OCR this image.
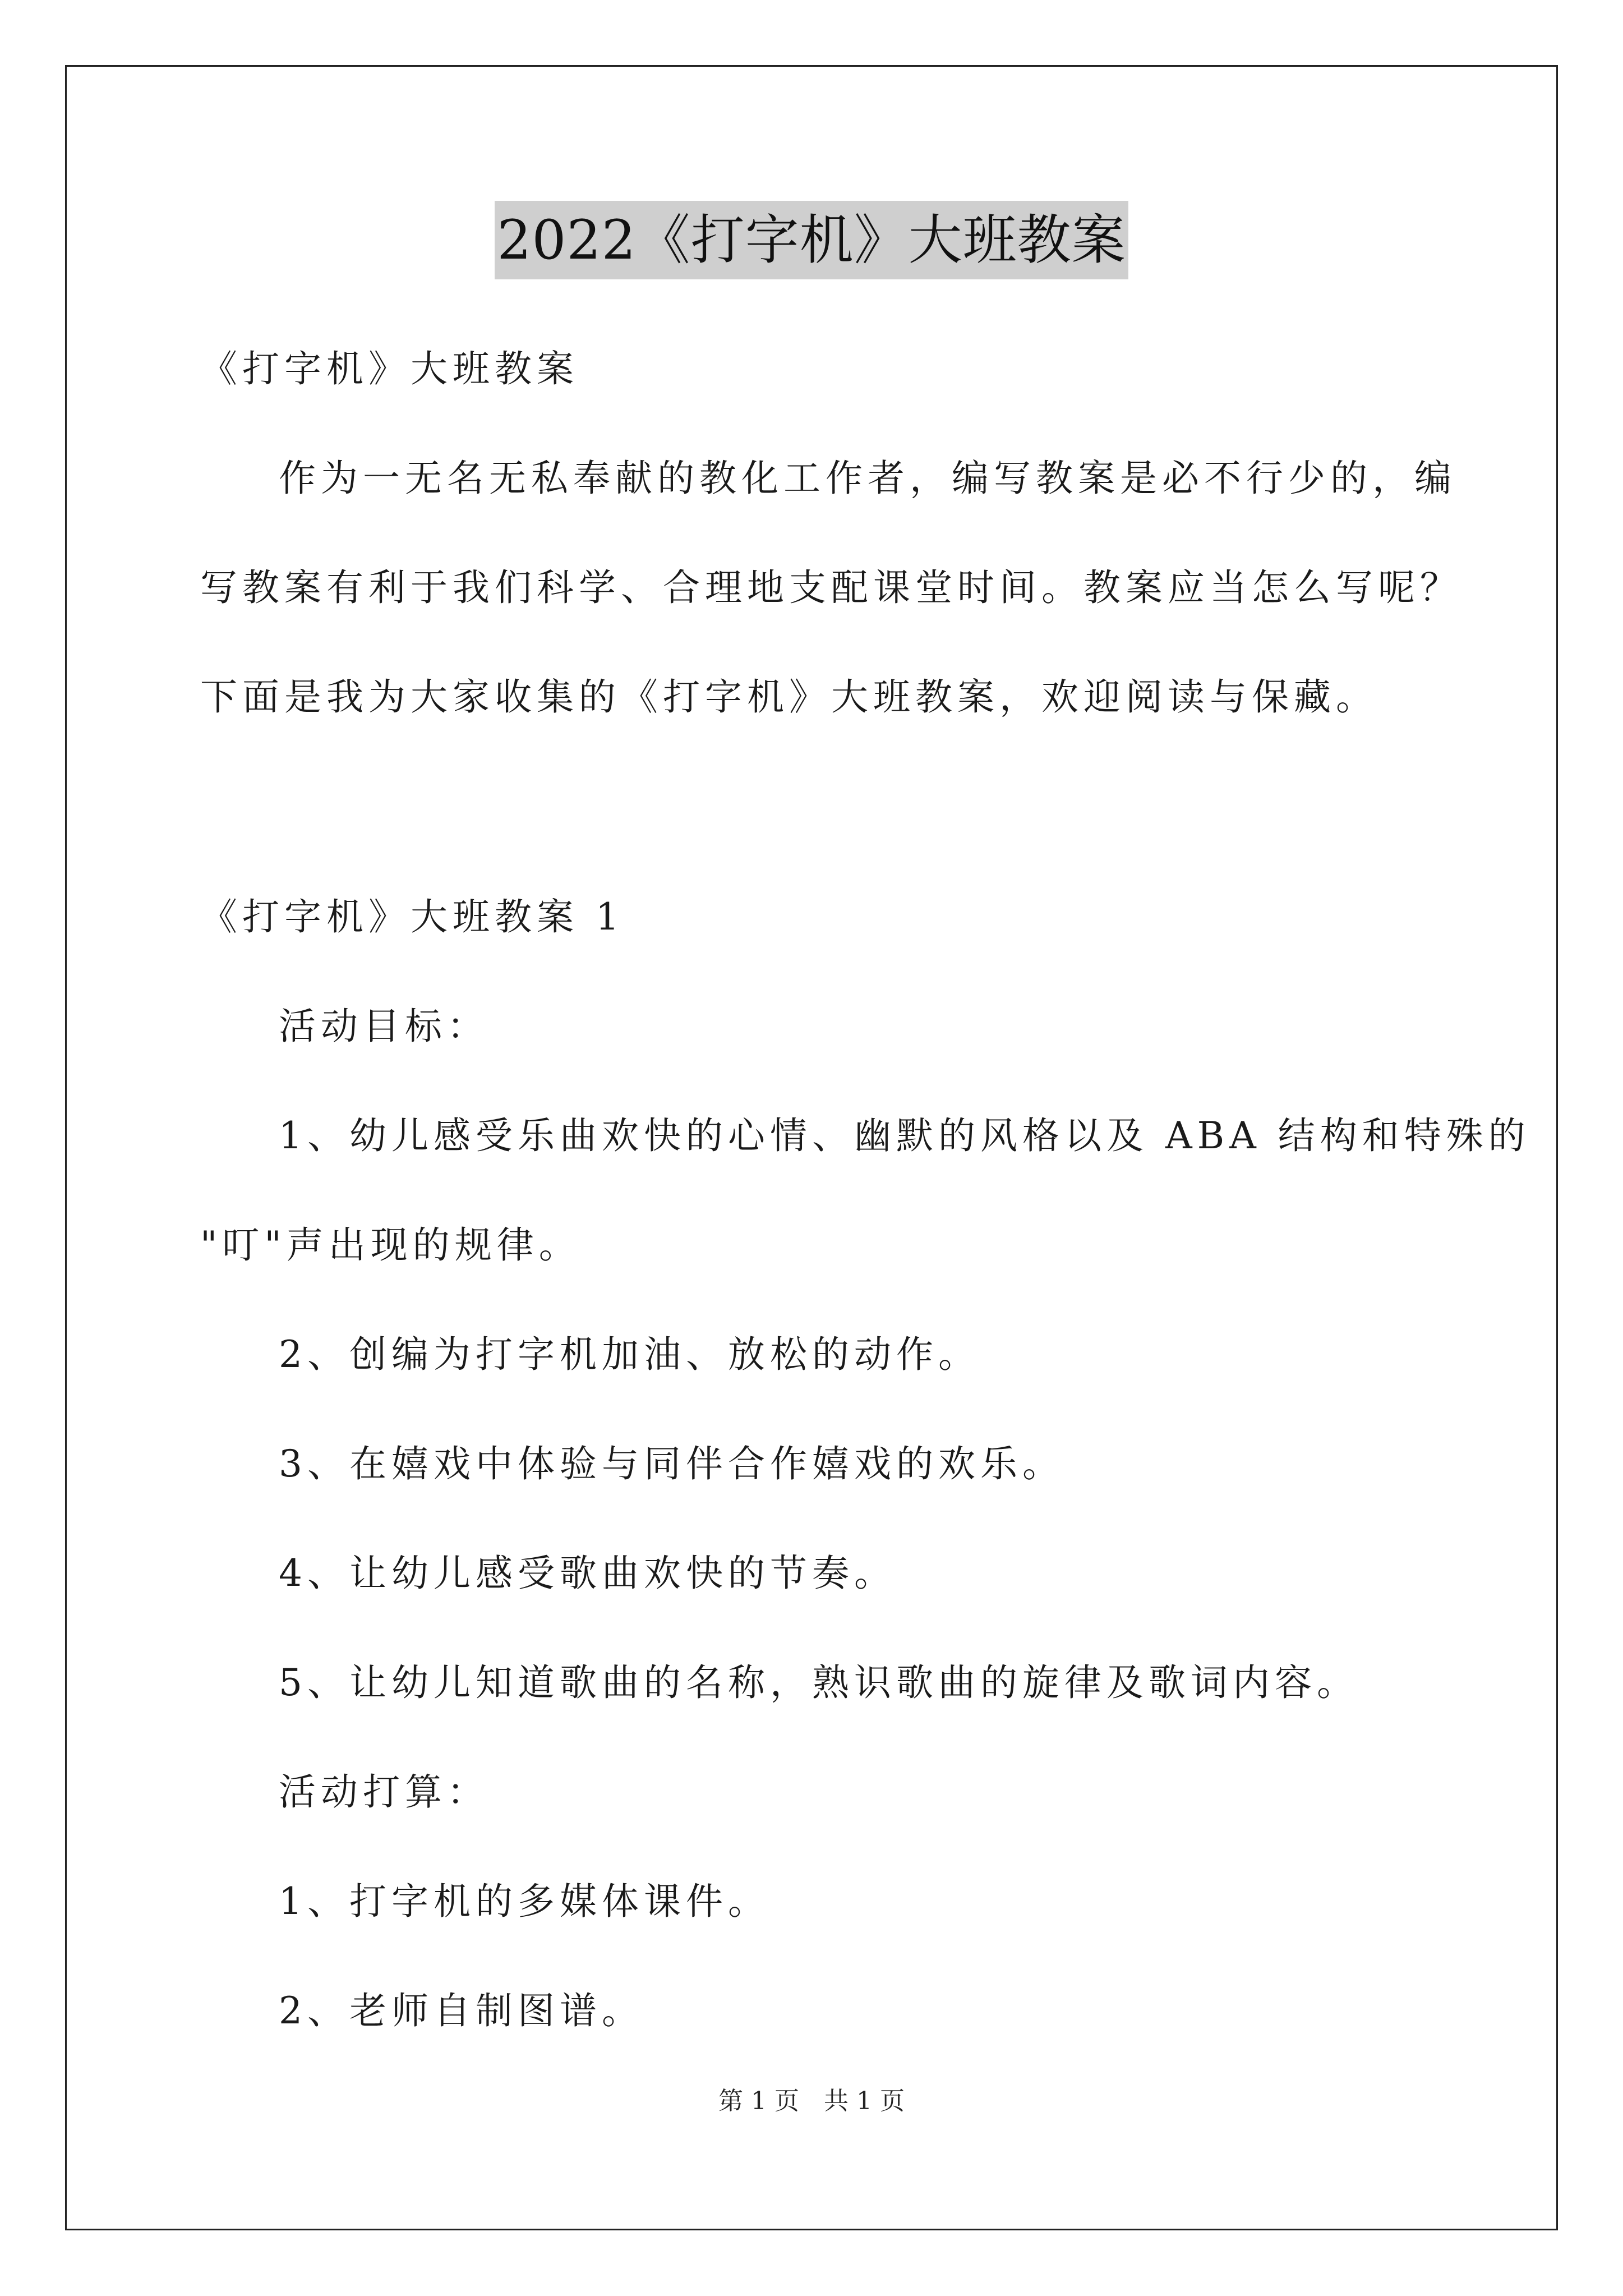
2022《打字机》大班教案
《打字机》大班教案
作为一无名无私奉献的教化工作者，编写教案是必不行少的，编
写教案有利于我们科学、合理地支配课堂时间。教案应当怎么写呢？
下面是我为大家收集的《打字机》大班教案，欢迎阅读与保藏。
《打字机》大班教案 1
活动目标：
1、幼儿感受乐曲欢快的心情、幽默的风格以及 ABA 结构和特殊的
"叮"声出现的规律。
2、创编为打字机加油、放松的动作。
3、在嬉戏中体验与同伴合作嬉戏的欢乐。
4、让幼儿感受歌曲欢快的节奏。
5、让幼儿知道歌曲的名称，熟识歌曲的旋律及歌词内容。
活动打算：
1、打字机的多媒体课件。
2、老师自制图谱。
第 1 页　共 1 页
